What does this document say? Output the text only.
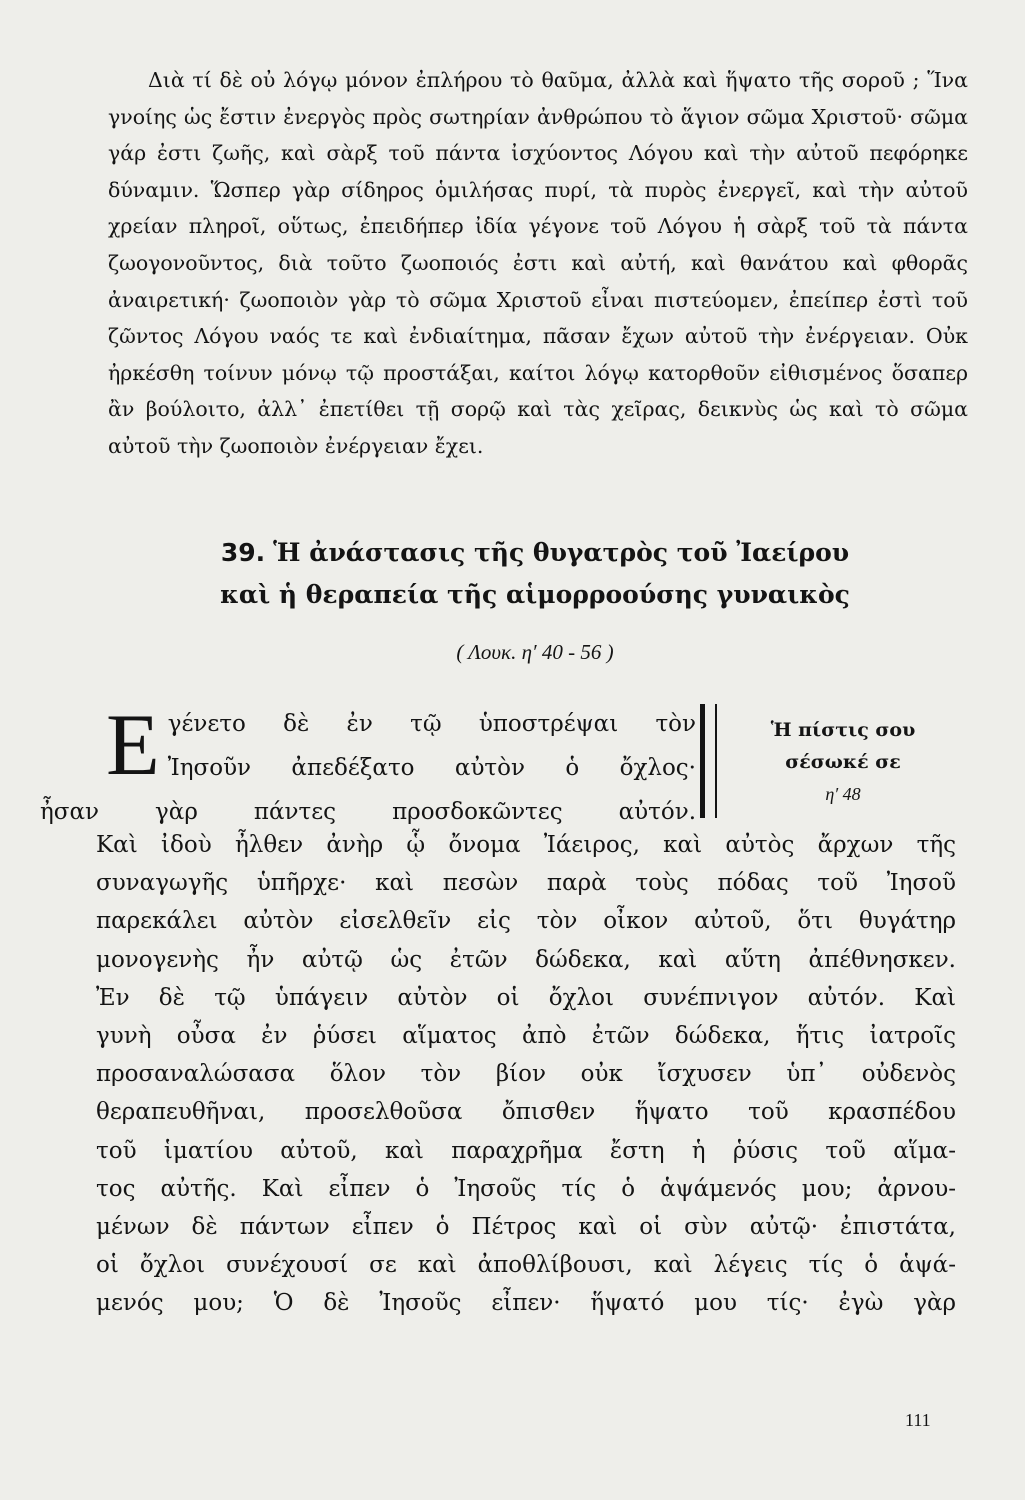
Διὰ τί δὲ οὐ λόγῳ μόνον ἐπλήρου τὸ θαῦμα, ἀλλὰ καὶ ἥψατο τῆς σοροῦ ; Ἵνα γνοίης ὡς ἔστιν ἐνεργὸς πρὸς σωτηρίαν ἀνθρώπου τὸ ἅγιον σῶμα Χριστοῦ· σῶμα γάρ ἐστι ζωῆς, καὶ σὰρξ τοῦ πάντα ἰσχύοντος Λόγου καὶ τὴν αὐτοῦ πεφόρηκε δύναμιν. Ὥσπερ γὰρ σίδηρος ὁμιλήσας πυρί, τὰ πυρὸς ἐνεργεῖ, καὶ τὴν αὐτοῦ χρείαν πληροῖ, οὕτως, ἐπειδήπερ ἰδία γέγονε τοῦ Λόγου ἡ σὰρξ τοῦ τὰ πάντα ζωογονοῦντος, διὰ τοῦτο ζωοποιός ἐστι καὶ αὐτή, καὶ θανάτου καὶ φθορᾶς ἀναιρετική· ζωοποιὸν γὰρ τὸ σῶμα Χριστοῦ εἶναι πιστεύομεν, ἐπείπερ ἐστὶ τοῦ ζῶντος Λόγου ναός τε καὶ ἐνδιαίτημα, πᾶσαν ἔχων αὐτοῦ τὴν ἐνέργειαν. Οὐκ ἠρκέσθη τοίνυν μόνῳ τῷ προστάξαι, καίτοι λόγῳ κατορθοῦν εἰθισμένος ὅσαπερ ἂν βούλοιτο, ἀλλ᾽ ἐπετίθει τῇ σορῷ καὶ τὰς χεῖρας, δεικνὺς ὡς καὶ τὸ σῶμα αὐτοῦ τὴν ζωοποιὸν ἐνέργειαν ἔχει.

39. Ἡ ἀνάστασις τῆς θυγατρὸς τοῦ Ἰαείρου
καὶ ἡ θεραπεία τῆς αἱμορροούσης γυναικὸς
( Λουκ. η′ 40 - 56 )
Ε γένετο δὲ ἐν τῷ ὑποστρέψαι τὸν
Ἰησοῦν ἀπεδέξατο αὐτὸν ὁ ὄχλος·
ἦσαν γὰρ πάντες προσδοκῶντες αὐτόν.
Ἡ πίστις σου
σέσωκέ σε
η′ 48
Καὶ ἰδοὺ ἦλθεν ἀνὴρ ᾧ ὄνομα Ἰάειρος, καὶ αὐτὸς ἄρχων τῆς
συναγωγῆς ὑπῆρχε· καὶ πεσὼν παρὰ τοὺς πόδας τοῦ Ἰησοῦ
παρεκάλει αὐτὸν εἰσελθεῖν εἰς τὸν οἶκον αὐτοῦ, ὅτι θυγάτηρ
μονογενὴς ἦν αὐτῷ ὡς ἐτῶν δώδεκα, καὶ αὕτη ἀπέθνησκεν.
Ἐν δὲ τῷ ὑπάγειν αὐτὸν οἱ ὄχλοι συνέπνιγον αὐτόν. Καὶ
γυνὴ οὖσα ἐν ῥύσει αἵματος ἀπὸ ἐτῶν δώδεκα, ἥτις ἰατροῖς
προσαναλώσασα ὅλον τὸν βίον οὐκ ἴσχυσεν ὑπ᾽ οὐδενὸς
θεραπευθῆναι, προσελθοῦσα ὄπισθεν ἥψατο τοῦ κρασπέδου
τοῦ ἱματίου αὐτοῦ, καὶ παραχρῆμα ἔστη ἡ ῥύσις τοῦ αἵμα-
τος αὐτῆς. Καὶ εἶπεν ὁ Ἰησοῦς τίς ὁ ἁψάμενός μου; ἀρνου-
μένων δὲ πάντων εἶπεν ὁ Πέτρος καὶ οἱ σὺν αὐτῷ· ἐπιστάτα,
οἱ ὄχλοι συνέχουσί σε καὶ ἀποθλίβουσι, καὶ λέγεις τίς ὁ ἁψά-
μενός μου; Ὁ δὲ Ἰησοῦς εἶπεν· ἥψατό μου τίς· ἐγὼ γὰρ
111
